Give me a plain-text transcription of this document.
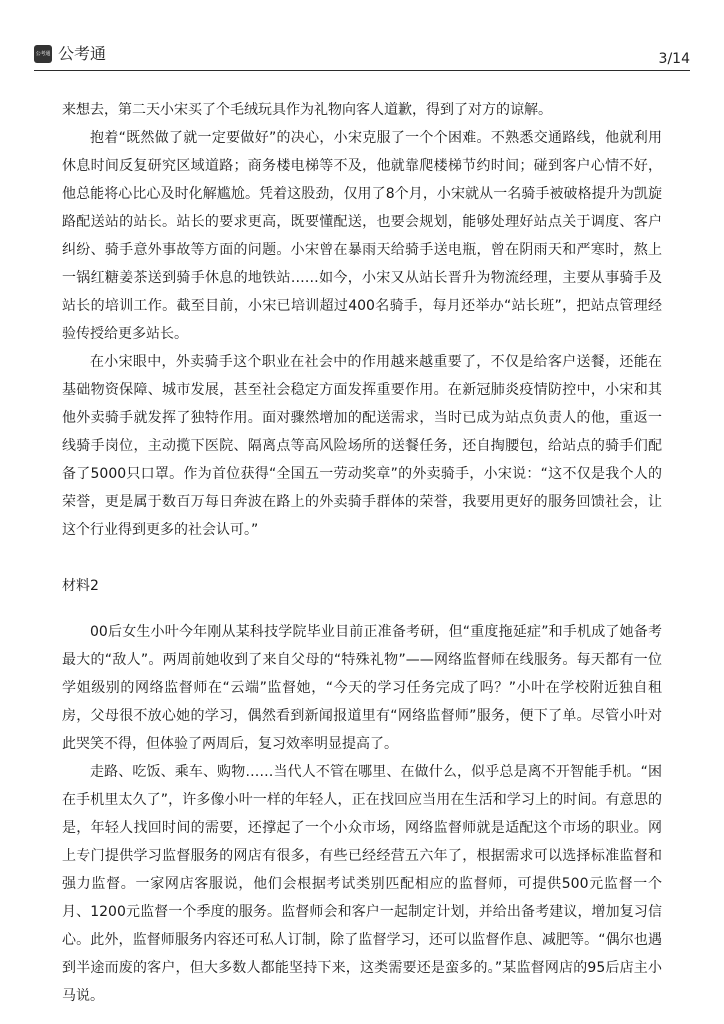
公考通 公考通	3/14

来想去，第二天小宋买了个毛绒玩具作为礼物向客人道歉，得到了对方的谅解。

抱着“既然做了就一定要做好”的决心，小宋克服了一个个困难。不熟悉交通路线，他就利用休息时间反复研究区域道路；商务楼电梯等不及，他就靠爬楼梯节约时间；碰到客户心情不好，他总能将心比心及时化解尴尬。凭着这股劲，仅用了8个月，小宋就从一名骑手被破格提升为凯旋路配送站的站长。站长的要求更高，既要懂配送，也要会规划，能够处理好站点关于调度、客户纠纷、骑手意外事故等方面的问题。小宋曾在暴雨天给骑手送电瓶，曾在阴雨天和严寒时，熬上一锅红糖姜茶送到骑手休息的地铁站……如今，小宋又从站长晋升为物流经理，主要从事骑手及站长的培训工作。截至目前，小宋已培训超过400名骑手，每月还举办“站长班”，把站点管理经验传授给更多站长。

在小宋眼中，外卖骑手这个职业在社会中的作用越来越重要了，不仅是给客户送餐，还能在基础物资保障、城市发展，甚至社会稳定方面发挥重要作用。在新冠肺炎疫情防控中，小宋和其他外卖骑手就发挥了独特作用。面对骤然增加的配送需求，当时已成为站点负责人的他，重返一线骑手岗位，主动揽下医院、隔离点等高风险场所的送餐任务，还自掏腰包，给站点的骑手们配备了5000只口罩。作为首位获得“全国五一劳动奖章”的外卖骑手，小宋说：“这不仅是我个人的荣誉，更是属于数百万每日奔波在路上的外卖骑手群体的荣誉，我要用更好的服务回馈社会，让这个行业得到更多的社会认可。”

材料2

00后女生小叶今年刚从某科技学院毕业目前正准备考研，但“重度拖延症”和手机成了她备考最大的“敌人”。两周前她收到了来自父母的“特殊礼物”——网络监督师在线服务。每天都有一位学姐级别的网络监督师在“云端”监督她，“今天的学习任务完成了吗？”小叶在学校附近独自租房，父母很不放心她的学习，偶然看到新闻报道里有“网络监督师”服务，便下了单。尽管小叶对此哭笑不得，但体验了两周后，复习效率明显提高了。

走路、吃饭、乘车、购物……当代人不管在哪里、在做什么，似乎总是离不开智能手机。“困在手机里太久了”，许多像小叶一样的年轻人，正在找回应当用在生活和学习上的时间。有意思的是，年轻人找回时间的需要，还撑起了一个小众市场，网络监督师就是适配这个市场的职业。网上专门提供学习监督服务的网店有很多，有些已经经营五六年了，根据需求可以选择标准监督和强力监督。一家网店客服说，他们会根据考试类别匹配相应的监督师，可提供500元监督一个月、1200元监督一个季度的服务。监督师会和客户一起制定计划，并给出备考建议，增加复习信心。此外，监督师服务内容还可私人订制，除了监督学习，还可以监督作息、减肥等。“偶尔也遇到半途而废的客户，但大多数人都能坚持下来，这类需要还是蛮多的。”某监督网店的95后店主小马说。
